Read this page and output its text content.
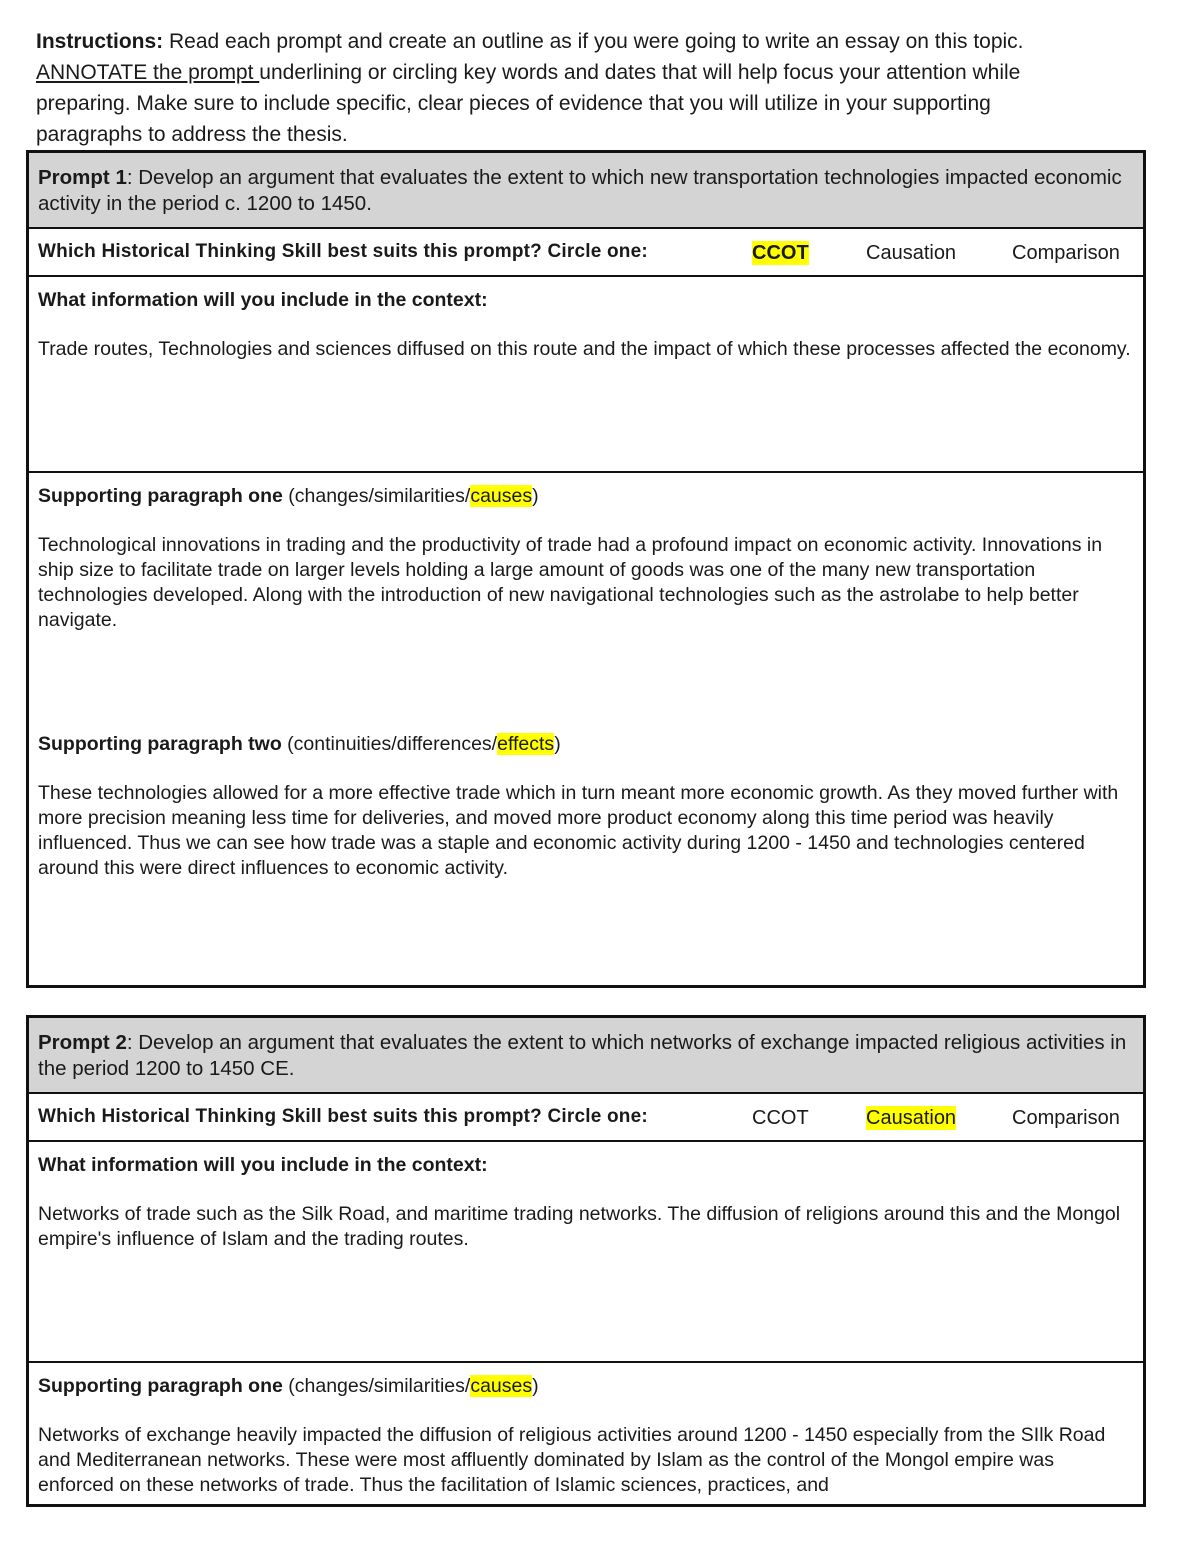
Instructions: Read each prompt and create an outline as if you were going to write an essay on this topic. ANNOTATE the prompt underlining or circling key words and dates that will help focus your attention while preparing. Make sure to include specific, clear pieces of evidence that you will utilize in your supporting paragraphs to address the thesis.
Prompt 1: Develop an argument that evaluates the extent to which new transportation technologies impacted economic activity in the period c. 1200 to 1450.
Which Historical Thinking Skill best suits this prompt? Circle one:	CCOT	Causation	Comparison
What information will you include in the context:

Trade routes, Technologies and sciences diffused on this route and the impact of which these processes affected the economy.

Supporting paragraph one (changes/similarities/causes)

Technological innovations in trading and the productivity of trade had a profound impact on economic activity. Innovations in ship size to facilitate trade on larger levels holding a large amount of goods was one of the many new transportation technologies developed. Along with the introduction of new navigational technologies such as the astrolabe to help better navigate.

Supporting paragraph two (continuities/differences/effects)

These technologies allowed for a more effective trade which in turn meant more economic growth. As they moved further with more precision meaning less time for deliveries, and moved more product economy along this time period was heavily influenced. Thus we can see how trade was a staple and economic activity during 1200 - 1450 and technologies centered around this were direct influences to economic activity.

Prompt 2: Develop an argument that evaluates the extent to which networks of exchange impacted religious activities in the period 1200 to 1450 CE.
Which Historical Thinking Skill best suits this prompt? Circle one:	CCOT	Causation	Comparison
What information will you include in the context:

Networks of trade such as the Silk Road, and maritime trading networks. The diffusion of religions around this and the Mongol empire's influence of Islam and the trading routes.

Supporting paragraph one (changes/similarities/causes)

Networks of exchange heavily impacted the diffusion of religious activities around 1200 - 1450 especially from the SIlk Road and Mediterranean networks. These were most affluently dominated by Islam as the control of the Mongol empire was enforced on these networks of trade. Thus the facilitation of Islamic sciences, practices, and
